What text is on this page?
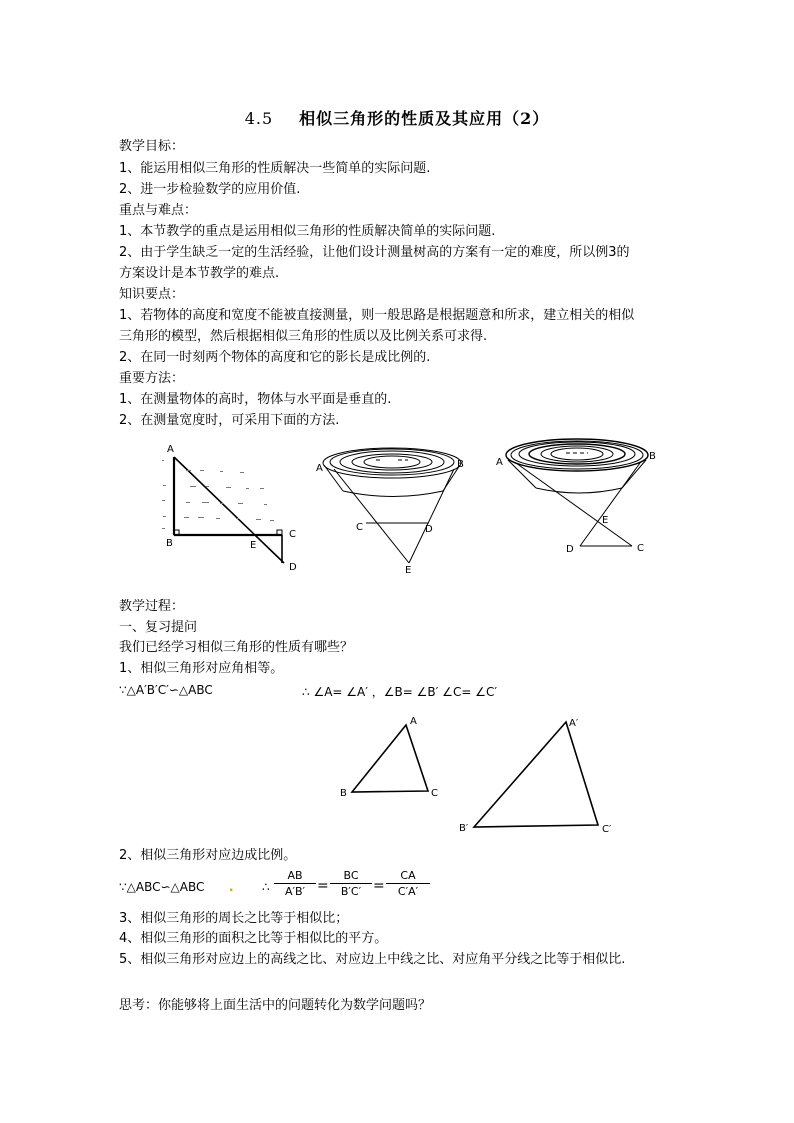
4.5 相似三角形的性质及其应用（2）
教学目标：
1、能运用相似三角形的性质解决一些简单的实际问题.
2、进一步检验数学的应用价值.
重点与难点：
1、本节教学的重点是运用相似三角形的性质解决简单的实际问题.
2、由于学生缺乏一定的生活经验，让他们设计测量树高的方案有一定的难度，所以例3的
方案设计是本节教学的难点.
知识要点：
1、若物体的高度和宽度不能被直接测量，则一般思路是根据题意和所求，建立相关的相似
三角形的模型，然后根据相似三角形的性质以及比例关系可求得.
2、在同一时刻两个物体的高度和它的影长是成比例的.
重要方法：
1、在测量物体的高时，物体与水平面是垂直的.
2、在测量宽度时，可采用下面的方法.
A
B
C
D
E
A	B
C	D
E
A
B
C
D
E
教学过程：
一、复习提问
我们已经学习相似三角形的性质有哪些？
1、相似三角形对应角相等。
∵△A′B′C′∽△ABC	∴ ∠A= ∠A′ ，∠B= ∠B′ ∠C= ∠C′
A
B	C
A′
B′	C′
2、相似三角形对应边成比例。
∵△ABC∽△ABC . ∴
AB
A′B′ =
BC
B′C′ =
CA
C′A′
3、相似三角形的周长之比等于相似比；
4、相似三角形的面积之比等于相似比的平方。
5、相似三角形对应边上的高线之比、对应边上中线之比、对应角平分线之比等于相似比.
思考：你能够将上面生活中的问题转化为数学问题吗？
